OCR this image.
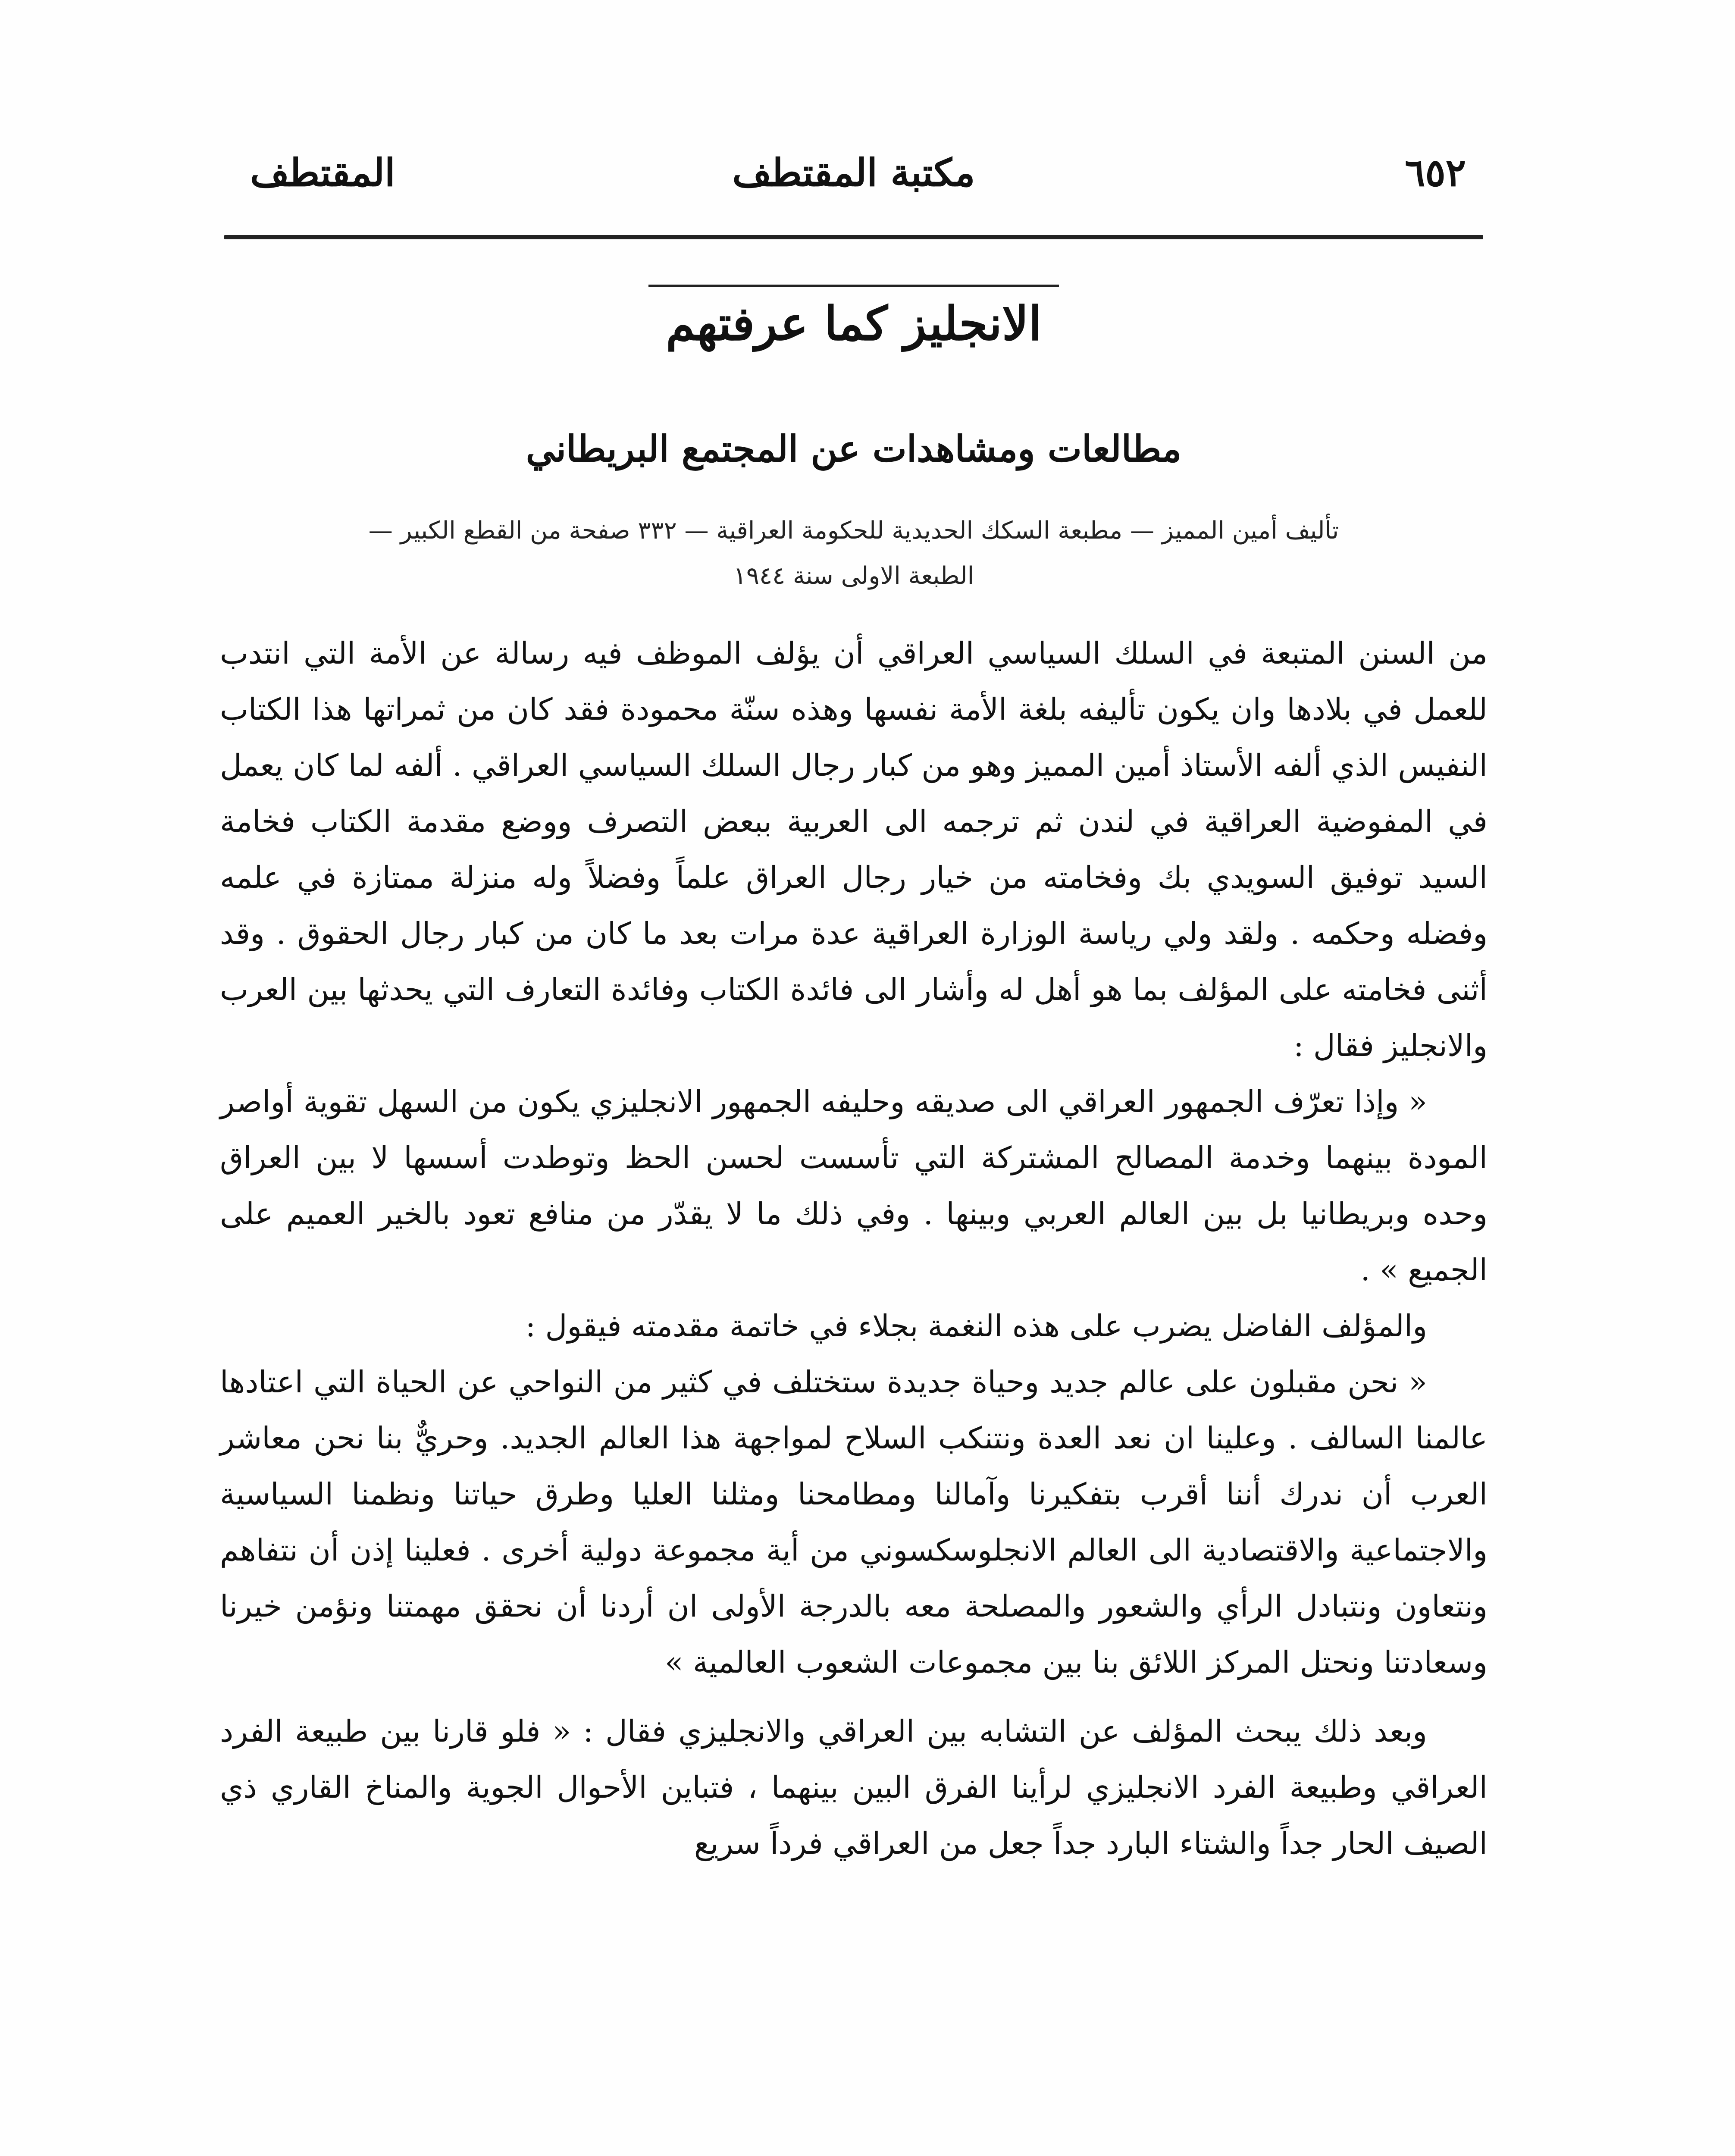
٦٥٢
مكتبة المقتطف
المقتطف
الانجليز كما عرفتهم
مطالعات ومشاهدات عن المجتمع البريطاني
تأليف أمين المميز — مطبعة السكك الحديدية للحكومة العراقية — ٣٣٢ صفحة من القطع الكبير —
الطبعة الاولى سنة ١٩٤٤

من السنن المتبعة في السلك السياسي العراقي أن يؤلف الموظف فيه رسالة عن الأمة التي انتدب للعمل في بلادها وان يكون تأليفه بلغة الأمة نفسها وهذه سنّة محمودة فقد كان من ثمراتها هذا الكتاب النفيس الذي ألفه الأستاذ أمين المميز وهو من كبار رجال السلك السياسي العراقي . ألفه لما كان يعمل في المفوضية العراقية في لندن ثم ترجمه الى العربية ببعض التصرف ووضع مقدمة الكتاب فخامة السيد توفيق السويدي بك وفخامته من خيار رجال العراق علماً وفضلاً وله منزلة ممتازة في علمه وفضله وحكمه . ولقد ولي رياسة الوزارة العراقية عدة مرات بعد ما كان من كبار رجال الحقوق . وقد أثنى فخامته على المؤلف بما هو أهل له وأشار الى فائدة الكتاب وفائدة التعارف التي يحدثها بين العرب والانجليز فقال :

« وإذا تعرّف الجمهور العراقي الى صديقه وحليفه الجمهور الانجليزي يكون من السهل تقوية أواصر المودة بينهما وخدمة المصالح المشتركة التي تأسست لحسن الحظ وتوطدت أسسها لا بين العراق وحده وبريطانيا بل بين العالم العربي وبينها . وفي ذلك ما لا يقدّر من منافع تعود بالخير العميم على الجميع » .

والمؤلف الفاضل يضرب على هذه النغمة بجلاء في خاتمة مقدمته فيقول :

« نحن مقبلون على عالم جديد وحياة جديدة ستختلف في كثير من النواحي عن الحياة التي اعتادها عالمنا السالف . وعلينا ان نعد العدة ونتنكب السلاح لمواجهة هذا العالم الجديد. وحريٌّ بنا نحن معاشر العرب أن ندرك أننا أقرب بتفكيرنا وآمالنا ومطامحنا ومثلنا العليا وطرق حياتنا ونظمنا السياسية والاجتماعية والاقتصادية الى العالم الانجلوسكسوني من أية مجموعة دولية أخرى . فعلينا إذن أن نتفاهم ونتعاون ونتبادل الرأي والشعور والمصلحة معه بالدرجة الأولى ان أردنا أن نحقق مهمتنا ونؤمن خيرنا وسعادتنا ونحتل المركز اللائق بنا بين مجموعات الشعوب العالمية »

وبعد ذلك يبحث المؤلف عن التشابه بين العراقي والانجليزي فقال : « فلو قارنا بين طبيعة الفرد العراقي وطبيعة الفرد الانجليزي لرأينا الفرق البين بينهما ، فتباين الأحوال الجوية والمناخ القاري ذي الصيف الحار جداً والشتاء البارد جداً جعل من العراقي فرداً سريع
